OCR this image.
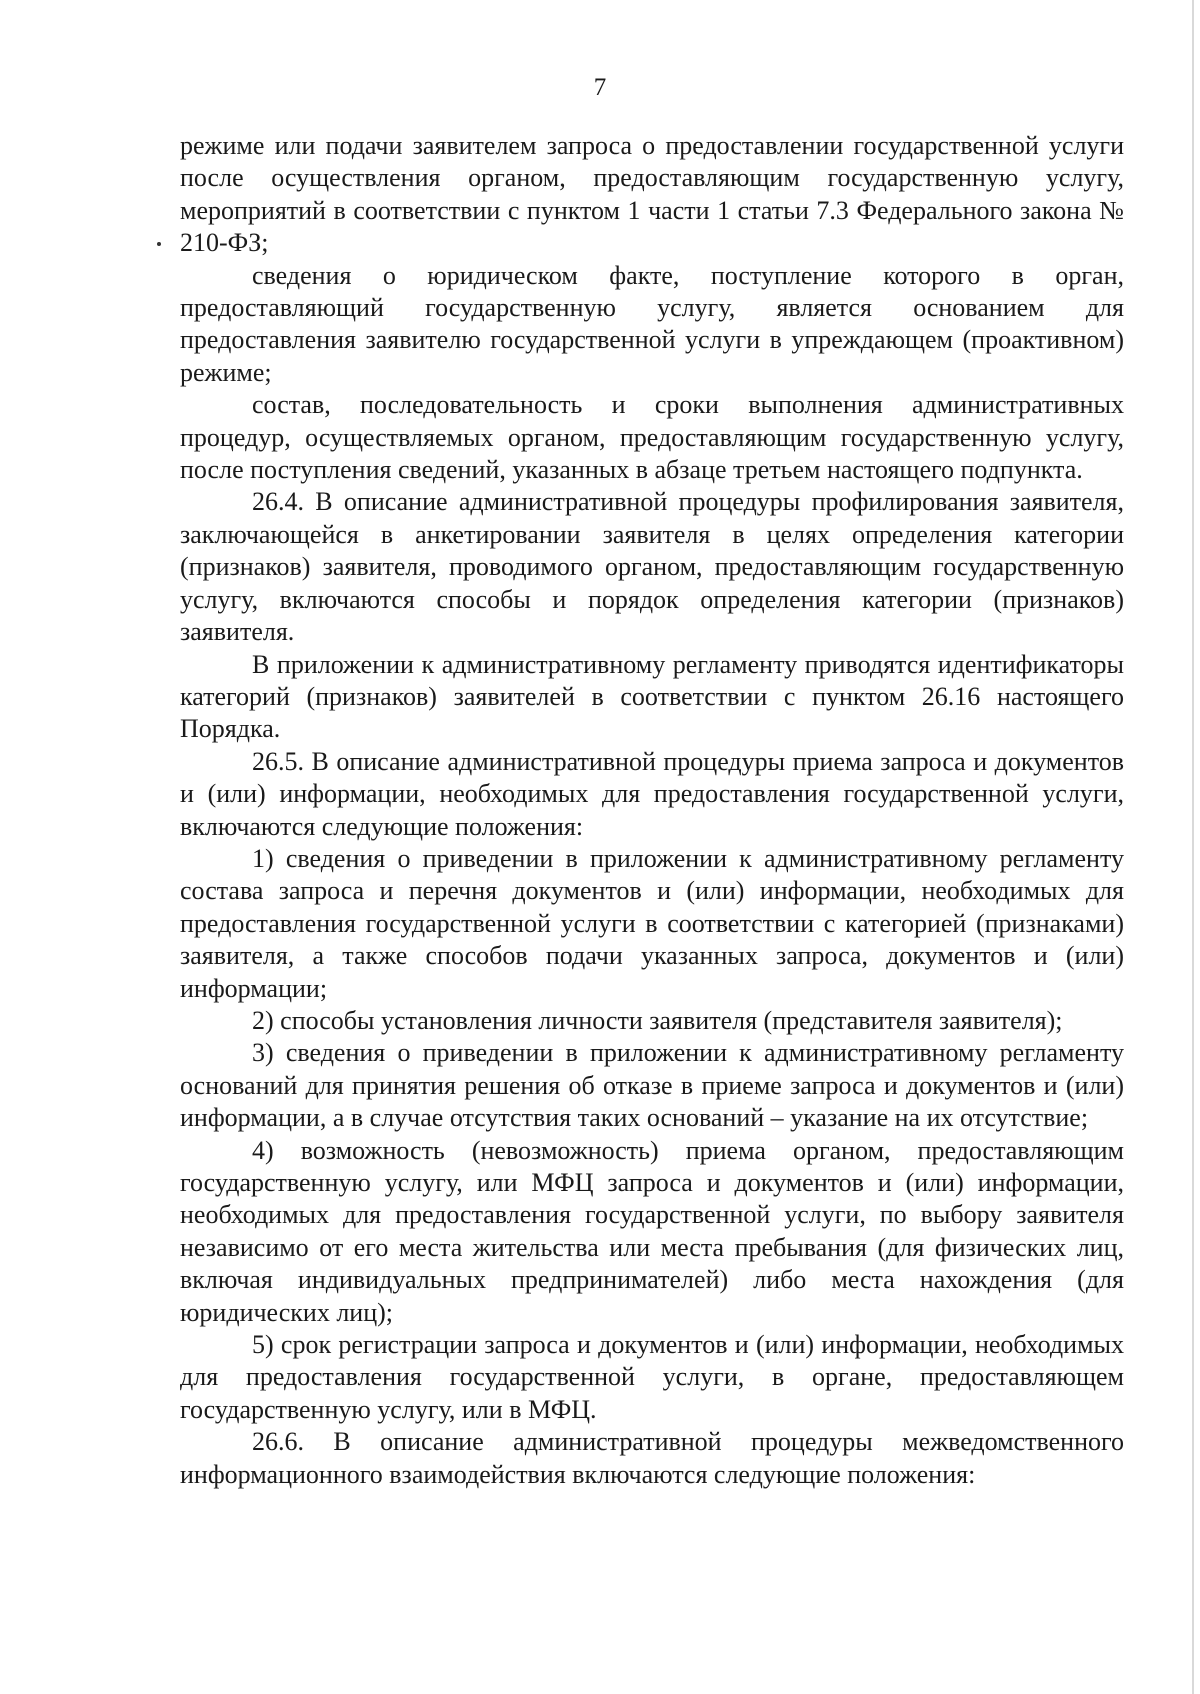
7

режиме или подачи заявителем запроса о предоставлении государственной услуги после осуществления органом, предоставляющим государственную услугу, мероприятий в соответствии с пунктом 1 части 1 статьи 7.3 Федерального закона № 210-ФЗ;

сведения о юридическом факте, поступление которого в орган, предоставляющий государственную услугу, является основанием для предоставления заявителю государственной услуги в упреждающем (проактивном) режиме;

состав, последовательность и сроки выполнения административных процедур, осуществляемых органом, предоставляющим государственную услугу, после поступления сведений, указанных в абзаце третьем настоящего подпункта.

26.4. В описание административной процедуры профилирования заявителя, заключающейся в анкетировании заявителя в целях определения категории (признаков) заявителя, проводимого органом, предоставляющим государственную услугу, включаются способы и порядок определения категории (признаков) заявителя.

В приложении к административному регламенту приводятся идентификаторы категорий (признаков) заявителей в соответствии с пунктом 26.16 настоящего Порядка.

26.5. В описание административной процедуры приема запроса и документов и (или) информации, необходимых для предоставления государственной услуги, включаются следующие положения:

1) сведения о приведении в приложении к административному регламенту состава запроса и перечня документов и (или) информации, необходимых для предоставления государственной услуги в соответствии с категорией (признаками) заявителя, а также способов подачи указанных запроса, документов и (или) информации;

2) способы установления личности заявителя (представителя заявителя);

3) сведения о приведении в приложении к административному регламенту оснований для принятия решения об отказе в приеме запроса и документов и (или) информации, а в случае отсутствия таких оснований – указание на их отсутствие;

4) возможность (невозможность) приема органом, предоставляющим государственную услугу, или МФЦ запроса и документов и (или) информации, необходимых для предоставления государственной услуги, по выбору заявителя независимо от его места жительства или места пребывания (для физических лиц, включая индивидуальных предпринимателей) либо места нахождения (для юридических лиц);

5) срок регистрации запроса и документов и (или) информации, необходимых для предоставления государственной услуги, в органе, предоставляющем государственную услугу, или в МФЦ.

26.6. В описание административной процедуры межведомственного информационного взаимодействия включаются следующие положения:
